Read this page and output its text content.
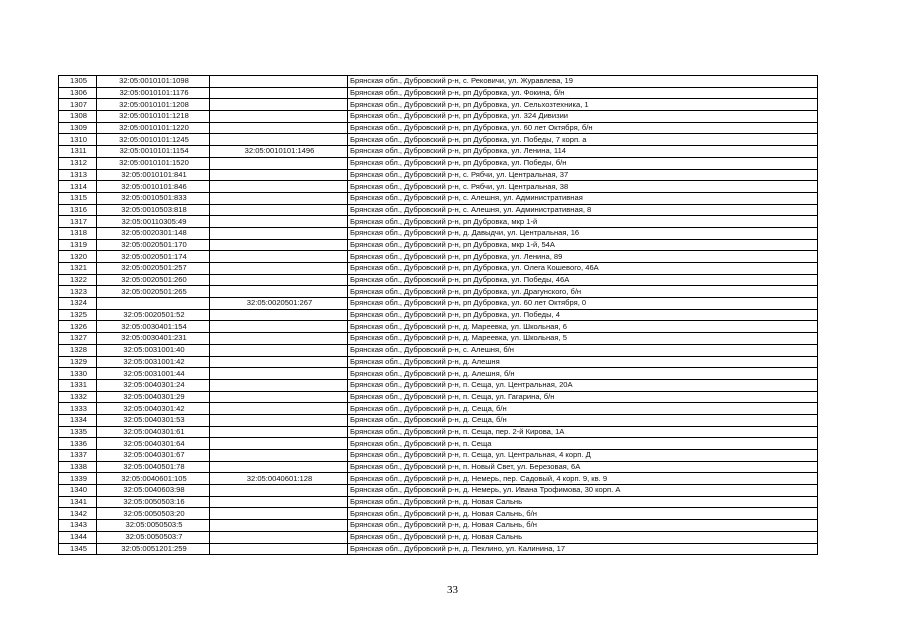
1305	32:05:0010101:1098		Брянская обл., Дубровский р-н, с. Рековичи, ул. Журавлева, 19
1306	32:05:0010101:1176		Брянская обл., Дубровский р-н, рп Дубровка, ул. Фокина, б/н
1307	32:05:0010101:1208		Брянская обл., Дубровский р-н, рп Дубровка, ул. Сельхозтехника, 1
1308	32:05:0010101:1218		Брянская обл., Дубровский р-н, рп Дубровка, ул. 324 Дивизии
1309	32:05:0010101:1220		Брянская обл., Дубровский р-н, рп Дубровка, ул. 60 лет Октября, б/н
1310	32:05:0010101:1245		Брянская обл., Дубровский р-н, рп Дубровка, ул. Победы, 7 корп. а
1311	32:05:0010101:1154	32:05:0010101:1496	Брянская обл., Дубровский р-н, рп Дубровка, ул. Ленина, 114
1312	32:05:0010101:1520		Брянская обл., Дубровский р-н, рп Дубровка, ул. Победы, б/н
1313	32:05:0010101:841		Брянская обл., Дубровский р-н, с. Рябчи, ул. Центральная, 37
1314	32:05:0010101:846		Брянская обл., Дубровский р-н, с. Рябчи, ул. Центральная, 38
1315	32:05:0010501:833		Брянская обл., Дубровский р-н, с. Алешня, ул. Административная
1316	32:05:0010503:818		Брянская обл., Дубровский р-н, с. Алешня, ул. Административная, 8
1317	32:05:00110305:49		Брянская обл., Дубровский р-н, рп Дубровка, мкр 1-й
1318	32:05:0020301:148		Брянская обл., Дубровский р-н, д. Давыдчи, ул. Центральная, 16
1319	32:05:0020501:170		Брянская обл., Дубровский р-н, рп Дубровка, мкр 1-й, 54А
1320	32:05:0020501:174		Брянская обл., Дубровский р-н, рп Дубровка, ул. Ленина, 89
1321	32:05:0020501:257		Брянская обл., Дубровский р-н, рп Дубровка, ул. Олега Кошевого, 46А
1322	32:05:0020501:260		Брянская обл., Дубровский р-н, рп Дубровка, ул. Победы, 46А
1323	32:05:0020501:265		Брянская обл., Дубровский р-н, рп Дубровка, ул. Драгунского, б/н
1324		32:05:0020501:267	Брянская обл., Дубровский р-н, рп Дубровка, ул. 60 лет Октября, 0
1325	32:05:0020501:52		Брянская обл., Дубровский р-н, рп Дубровка, ул. Победы, 4
1326	32:05:0030401:154		Брянская обл., Дубровский р-н, д. Мареевка, ул. Школьная, 6
1327	32:05:0030401:231		Брянская обл., Дубровский р-н, д. Мареевка, ул. Школьная, 5
1328	32:05:0031001:40		Брянская обл., Дубровский р-н, с. Алешня, б/н
1329	32:05:0031001:42		Брянская обл., Дубровский р-н, д. Алешня
1330	32:05:0031001:44		Брянская обл., Дубровский р-н, д. Алешня, б/н
1331	32:05:0040301:24		Брянская обл., Дубровский р-н, п. Сеща, ул. Центральная, 20А
1332	32:05:0040301:29		Брянская обл., Дубровский р-н, п. Сеща, ул. Гагарина, б/н
1333	32:05:0040301:42		Брянская обл., Дубровский р-н, д. Сеща, б/н
1334	32:05:0040301:53		Брянская обл., Дубровский р-н, д. Сеща, б/н
1335	32:05:0040301:61		Брянская обл., Дубровский р-н, п. Сеща, пер. 2-й Кирова, 1А
1336	32:05:0040301:64		Брянская обл., Дубровский р-н, п. Сеща
1337	32:05:0040301:67		Брянская обл., Дубровский р-н, п. Сеща, ул. Центральная, 4 корп. Д
1338	32:05:0040501:78		Брянская обл., Дубровский р-н, п. Новый Свет, ул. Березовая, 6А
1339	32:05:0040601:105	32:05:0040601:128	Брянская обл., Дубровский р-н, д. Немерь, пер. Садовый, 4 корп. 9, кв. 9
1340	32:05:0040603:98		Брянская обл., Дубровский р-н, д. Немерь, ул. Ивана Трофимова, 30 корп. А
1341	32:05:0050503:16		Брянская обл., Дубровский р-н, д. Новая Сальнь
1342	32:05:0050503:20		Брянская обл., Дубровский р-н, д. Новая Сальнь, б/н
1343	32:05:0050503:5		Брянская обл., Дубровский р-н, д. Новая Сальнь, б/н
1344	32:05:0050503:7		Брянская обл., Дубровский р-н, д. Новая Сальнь
1345	32:05:0051201:259		Брянская обл., Дубровский р-н, д. Пеклино, ул. Калинина, 17
33
